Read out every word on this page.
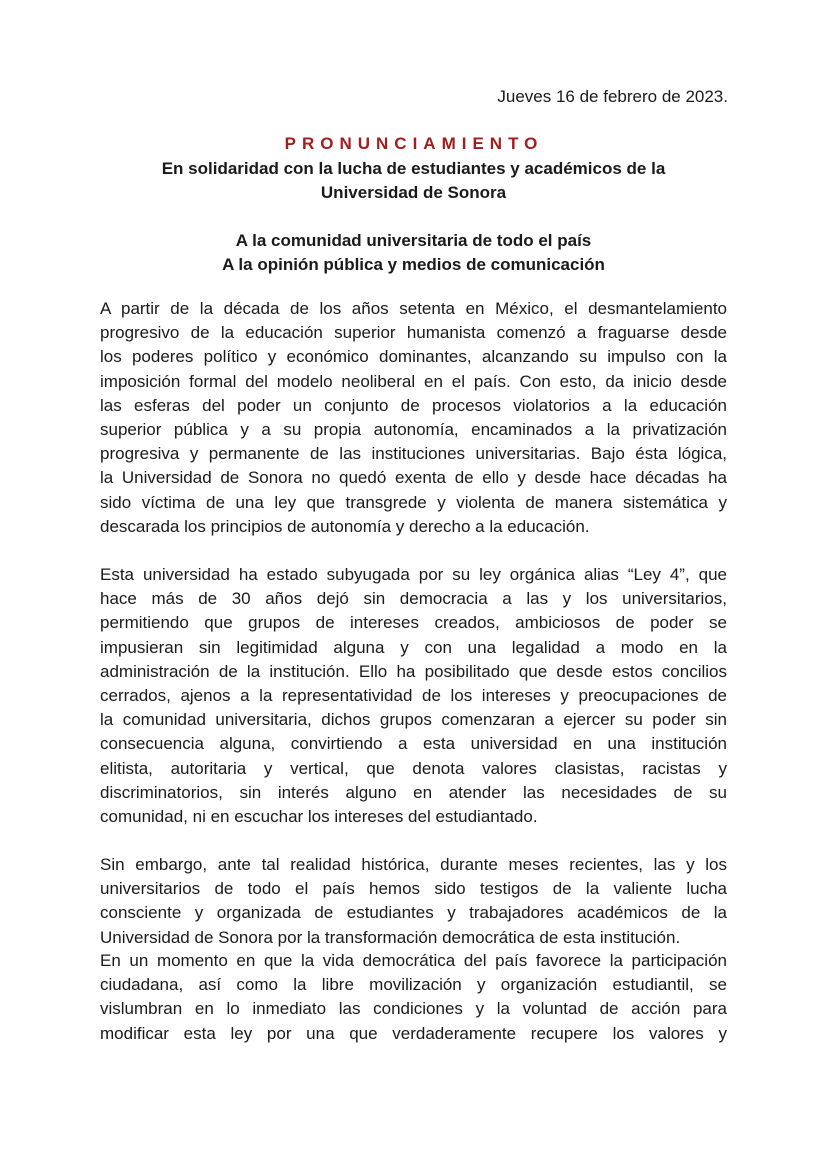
Jueves 16 de febrero de 2023.
PRONUNCIAMIENTO
En solidaridad con la lucha de estudiantes y académicos de la
Universidad de Sonora
A la comunidad universitaria de todo el país
A la opinión pública y medios de comunicación
A partir de la década de los años setenta en México, el desmantelamiento
progresivo de la educación superior humanista comenzó a fraguarse desde
los poderes político y económico dominantes, alcanzando su impulso con la
imposición formal del modelo neoliberal en el país. Con esto, da inicio desde
las esferas del poder un conjunto de procesos violatorios a la educación
superior pública y a su propia autonomía, encaminados a la privatización
progresiva y permanente de las instituciones universitarias. Bajo ésta lógica,
la Universidad de Sonora no quedó exenta de ello y desde hace décadas ha
sido víctima de una ley que transgrede y violenta de manera sistemática y
descarada los principios de autonomía y derecho a la educación.
Esta universidad ha estado subyugada por su ley orgánica alias “Ley 4”, que
hace más de 30 años dejó sin democracia a las y los universitarios,
permitiendo que grupos de intereses creados, ambiciosos de poder se
impusieran sin legitimidad alguna y con una legalidad a modo en la
administración de la institución. Ello ha posibilitado que desde estos concilios
cerrados, ajenos a la representatividad de los intereses y preocupaciones de
la comunidad universitaria, dichos grupos comenzaran a ejercer su poder sin
consecuencia alguna, convirtiendo a esta universidad en una institución
elitista, autoritaria y vertical, que denota valores clasistas, racistas y
discriminatorios, sin interés alguno en atender las necesidades de su
comunidad, ni en escuchar los intereses del estudiantado.
Sin embargo, ante tal realidad histórica, durante meses recientes, las y los
universitarios de todo el país hemos sido testigos de la valiente lucha
consciente y organizada de estudiantes y trabajadores académicos de la
Universidad de Sonora por la transformación democrática de esta institución.
En un momento en que la vida democrática del país favorece la participación
ciudadana, así como la libre movilización y organización estudiantil, se
vislumbran en lo inmediato las condiciones y la voluntad de acción para
modificar esta ley por una que verdaderamente recupere los valores y
